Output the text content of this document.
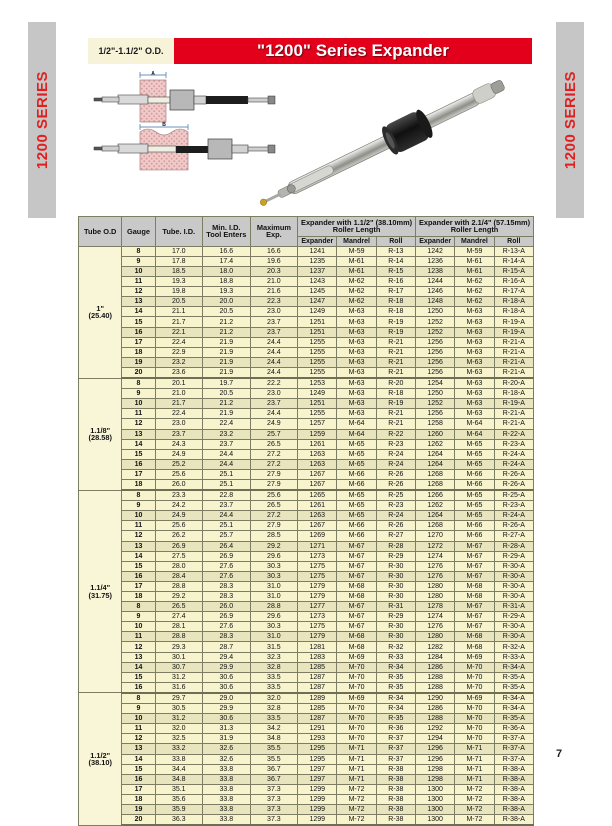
1200 SERIES	1200 SERIES
1/2"-1.1/2" O.D.	"1200" Series Expander
A
B
Tube O.D	Gauge	Tube. I.D.	Min. I.D. Tool Enters	Maximum Exp.	Expander with 1.1/2" (38.10mm) Roller Length			Expander with 2.1/4" (57.15mm) Roller Length		
					Expander	Mandrel	Roll	Expander	Mandrel	Roll

1"
(25.40)	8	17.0	16.6	16.6	1241	M-59	R-13	1242	M-59	R-13-A
	9	17.8	17.4	19.6	1235	M-61	R-14	1236	M-61	R-14-A
	10	18.5	18.0	20.3	1237	M-61	R-15	1238	M-61	R-15-A
	11	19.3	18.8	21.0	1243	M-62	R-16	1244	M-62	R-16-A
	12	19.8	19.3	21.6	1245	M-62	R-17	1246	M-62	R-17-A
	13	20.5	20.0	22.3	1247	M-62	R-18	1248	M-62	R-18-A
	14	21.1	20.5	23.0	1249	M-63	R-18	1250	M-63	R-18-A
	15	21.7	21.2	23.7	1251	M-63	R-19	1252	M-63	R-19-A
	16	22.1	21.2	23.7	1251	M-63	R-19	1252	M-63	R-19-A
	17	22.4	21.9	24.4	1255	M-63	R-21	1256	M-63	R-21-A
	18	22.9	21.9	24.4	1255	M-63	R-21	1256	M-63	R-21-A
	19	23.2	21.9	24.4	1255	M-63	R-21	1256	M-63	R-21-A
	20	23.6	21.9	24.4	1255	M-63	R-21	1256	M-63	R-21-A

1.1/8"
(28.58)	8	20.1	19.7	22.2	1253	M-63	R-20	1254	M-63	R-20-A
	9	21.0	20.5	23.0	1249	M-63	R-18	1250	M-63	R-18-A
	10	21.7	21.2	23.7	1251	M-63	R-19	1252	M-63	R-19-A
	11	22.4	21.9	24.4	1255	M-63	R-21	1256	M-63	R-21-A
	12	23.0	22.4	24.9	1257	M-64	R-21	1258	M-64	R-21-A
	13	23.7	23.2	25.7	1259	M-64	R-22	1260	M-64	R-22-A
	14	24.3	23.7	26.5	1261	M-65	R-23	1262	M-65	R-23-A
	15	24.9	24.4	27.2	1263	M-65	R-24	1264	M-65	R-24-A
	16	25.2	24.4	27.2	1263	M-65	R-24	1264	M-65	R-24-A
	17	25.6	25.1	27.9	1267	M-66	R-26	1268	M-66	R-26-A
	18	26.0	25.1	27.9	1267	M-66	R-26	1268	M-66	R-26-A

1.1/4"
(31.75)	8	23.3	22.8	25.6	1265	M-65	R-25	1266	M-65	R-25-A
	9	24.2	23.7	26.5	1261	M-65	R-23	1262	M-65	R-23-A
	10	24.9	24.4	27.2	1263	M-65	R-24	1264	M-65	R-24-A
	11	25.6	25.1	27.9	1267	M-66	R-26	1268	M-66	R-26-A
	12	26.2	25.7	28.5	1269	M-66	R-27	1270	M-66	R-27-A
	13	26.9	26.4	29.2	1271	M-67	R-28	1272	M-67	R-28-A
	14	27.5	26.9	29.6	1273	M-67	R-29	1274	M-67	R-29-A
	15	28.0	27.6	30.3	1275	M-67	R-30	1276	M-67	R-30-A
	16	28.4	27.6	30.3	1275	M-67	R-30	1276	M-67	R-30-A
	17	28.8	28.3	31.0	1279	M-68	R-30	1280	M-68	R-30-A
	18	29.2	28.3	31.0	1279	M-68	R-30	1280	M-68	R-30-A
	8	26.5	26.0	28.8	1277	M-67	R-31	1278	M-67	R-31-A
	9	27.4	26.9	29.6	1273	M-67	R-29	1274	M-67	R-29-A
	10	28.1	27.6	30.3	1275	M-67	R-30	1276	M-67	R-30-A
	11	28.8	28.3	31.0	1279	M-68	R-30	1280	M-68	R-30-A
	12	29.3	28.7	31.5	1281	M-68	R-32	1282	M-68	R-32-A
	13	30.1	29.4	32.3	1283	M-69	R-33	1284	M-69	R-33-A
	14	30.7	29.9	32.8	1285	M-70	R-34	1286	M-70	R-34-A
	15	31.2	30.6	33.5	1287	M-70	R-35	1288	M-70	R-35-A
	16	31.6	30.6	33.5	1287	M-70	R-35	1288	M-70	R-35-A

1.1/2"
(38.10)	8	29.7	29.0	32.0	1289	M-69	R-34	1290	M-69	R-34-A
	9	30.5	29.9	32.8	1285	M-70	R-34	1286	M-70	R-34-A
	10	31.2	30.6	33.5	1287	M-70	R-35	1288	M-70	R-35-A
	11	32.0	31.3	34.2	1291	M-70	R-36	1292	M-70	R-36-A
	12	32.5	31.9	34.8	1293	M-70	R-37	1294	M-70	R-37-A
	13	33.2	32.6	35.5	1295	M-71	R-37	1296	M-71	R-37-A
	14	33.8	32.6	35.5	1295	M-71	R-37	1296	M-71	R-37-A
	15	34.4	33.8	36.7	1297	M-71	R-38	1298	M-71	R-38-A
	16	34.8	33.8	36.7	1297	M-71	R-38	1298	M-71	R-38-A
	17	35.1	33.8	37.3	1299	M-72	R-38	1300	M-72	R-38-A
	18	35.6	33.8	37.3	1299	M-72	R-38	1300	M-72	R-38-A
	19	35.9	33.8	37.3	1299	M-72	R-38	1300	M-72	R-38-A
	20	36.3	33.8	37.3	1299	M-72	R-38	1300	M-72	R-38-A
7
